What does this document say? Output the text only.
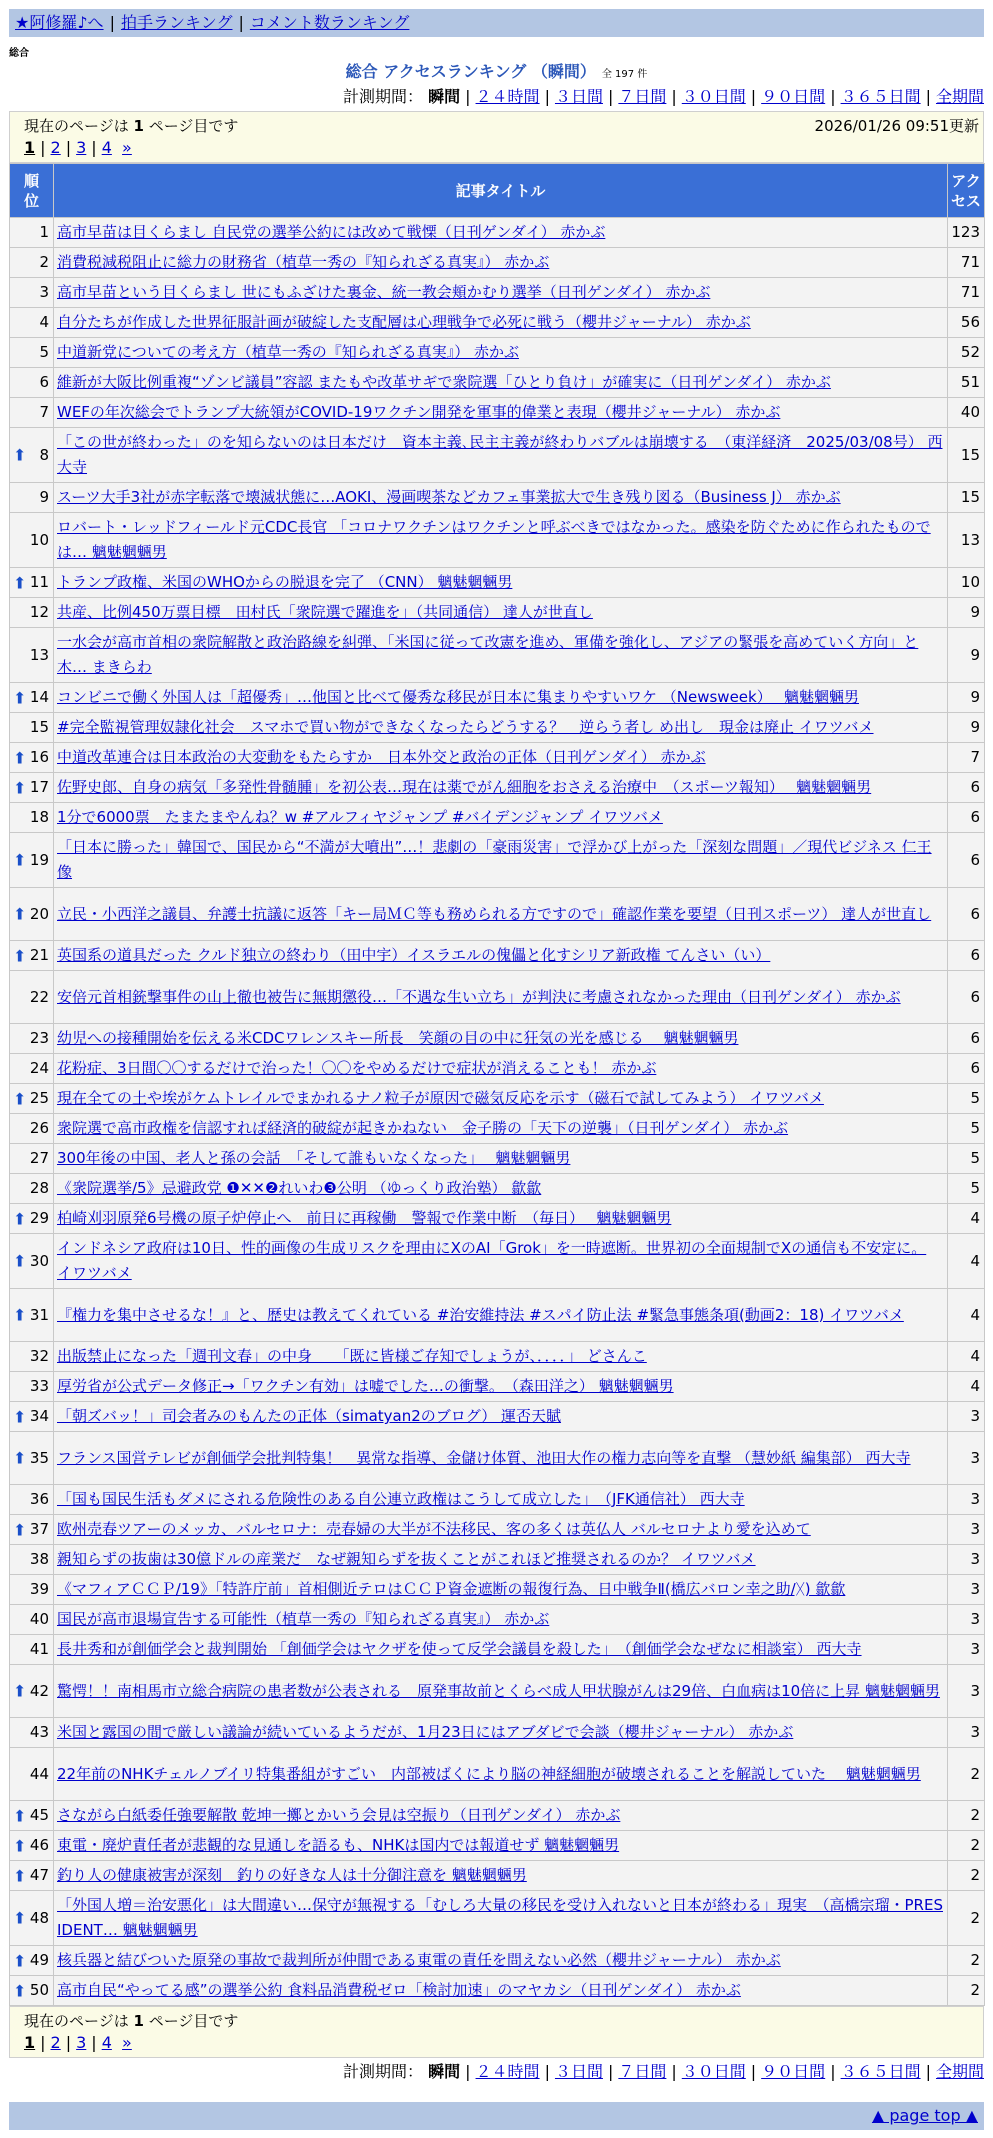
★阿修羅♪へ | 拍手ランキング | コメント数ランキング
総合
総合 アクセスランキング （瞬間） 全 197 件
計測期間： 瞬間 | ２４時間 | ３日間 | ７日間 | ３０日間 | ９０日間 | ３６５日間 | 全期間
現在のページは 1 ページ目です	2026/01/26 09:51更新
1 | 2 | 3 | 4 »
順
位	記事タイトル	アク
セス
1	高市早苗は目くらまし 自民党の選挙公約には改めて戦慄（日刊ゲンダイ） 赤かぶ	123
2	消費税減税阻止に総力の財務省（植草一秀の『知られざる真実』） 赤かぶ	71
3	高市早苗という目くらまし 世にもふざけた裏金、統一教会頬かむり選挙（日刊ゲンダイ） 赤かぶ	71
4	自分たちが作成した世界征服計画が破綻した支配層は心理戦争で必死に戦う（櫻井ジャーナル） 赤かぶ	56
5	中道新党についての考え方（植草一秀の『知られざる真実』） 赤かぶ	52
6	維新が大阪比例重複“ゾンビ議員”容認 またもや改革サギで衆院選「ひとり負け」が確実に（日刊ゲンダイ） 赤かぶ	51
7	WEFの年次総会でトランプ大統領がCOVID-19ワクチン開発を軍事的偉業と表現（櫻井ジャーナル） 赤かぶ	40

⬆ 8	「この世が終わった」のを知らないのは日本だけ　資本主義､民主主義が終わりバブルは崩壊する　（東洋経済　2025/03/08号） 西大寺	15
9	スーツ大手3社が赤字転落で壊滅状態に…AOKI、漫画喫茶などカフェ事業拡大で生き残り図る（Business J） 赤かぶ	15
10	ロバート・レッドフィールド元CDC長官 「コロナワクチンはワクチンと呼ぶべきではなかった。感染を防ぐために作られたものでは… 魑魅魍魎男	13

⬆ 11	トランプ政権、米国のWHOからの脱退を完了 （CNN） 魑魅魍魎男	10
12	共産、比例450万票目標　田村氏「衆院選で躍進を」（共同通信） 達人が世直し	9
13	一水会が高市首相の衆院解散と政治路線を糾弾、「米国に従って改憲を進め、軍備を強化し、アジアの緊張を高めていく方向」と木… まきらわ	9

⬆ 14	コンビニで働く外国人は「超優秀」…他国と比べて優秀な移民が日本に集まりやすいワケ （Newsweek）　 魑魅魍魎男	9
15	#完全監視管理奴隷化社会　スマホで買い物ができなくなったらどうする？　逆らう者し め出し　現金は廃止 イワツバメ	9

⬆ 16	中道改革連合は日本政治の大変動をもたらすか　日本外交と政治の正体（日刊ゲンダイ） 赤かぶ	7

⬆ 17	佐野史郎、自身の病気「多発性骨髄腫」を初公表…現在は薬でがん細胞をおさえる治療中　（スポーツ報知）　 魑魅魍魎男	6
18	1分で6000票　たまたまやんね？w #アルフィヤジャンプ #バイデンジャンプ イワツバメ	6

⬆ 19	「日本に勝った」韓国で、国民から“不満が大噴出”…！悲劇の「豪雨災害」で浮かび上がった「深刻な問題」／現代ビジネス 仁王像	6

⬆ 20	立民・小西洋之議員、弁護士抗議に返答「キー局ＭＣ等も務められる方ですので」確認作業を要望（日刊スポーツ） 達人が世直し	6

⬆ 21	英国系の道具だった クルド独立の終わり（田中宇）イスラエルの傀儡と化すシリア新政権 てんさい（い）	6
22	安倍元首相銃撃事件の山上徹也被告に無期懲役…「不遇な生い立ち」が判決に考慮されなかった理由（日刊ゲンダイ） 赤かぶ	6
23	幼児への接種開始を伝える米CDCワレンスキー所長　笑顔の目の中に狂気の光を感じる　 魑魅魍魎男	6
24	花粉症、3日間〇〇するだけで治った！〇〇をやめるだけで症状が消えることも！ 赤かぶ	6

⬆ 25	現在全ての土や埃がケムトレイルでまかれるナノ粒子が原因で磁気反応を示す（磁石で試してみよう） イワツバメ	5
26	衆院選で高市政権を信認すれば経済的破綻が起きかねない　金子勝の「天下の逆襲」（日刊ゲンダイ） 赤かぶ	5
27	300年後の中国、老人と孫の会話　「そして誰もいなくなった」　 魑魅魍魎男	5
28	《衆院選挙/5》忌避政党 ❶✕✕❷れいわ❸公明 （ゆっくり政治塾） 歙歙	5

⬆ 29	柏崎刈羽原発6号機の原子炉停止へ　前日に再稼働　警報で作業中断　（毎日）　 魑魅魍魎男	4

⬆ 30	インドネシア政府は10日、性的画像の生成リスクを理由にXのAI「Grok」を一時遮断。世界初の全面規制でXの通信も不安定に。 イワツバメ	4

⬆ 31	『権力を集中させるな！』と、歴史は教えてくれている #治安維持法 #スパイ防止法 #緊急事態条項(動画2：18) イワツバメ	4
32	出版禁止になった「週刊文春」の中身　　「既に皆様ご存知でしょうが、．．．．」 どさんこ	4
33	厚労省が公式データ修正→「ワクチン有効」は嘘でした…の衝撃。　（森田洋之） 魑魅魍魎男	4

⬆ 34	「朝ズバッ！」司会者みのもんたの正体（simatyan2のブログ） 運否天賦	3

⬆ 35	フランス国営テレビが創価学会批判特集！　異常な指導、金儲け体質、池田大作の権力志向等を直撃 （慧妙紙 編集部） 西大寺	3
36	「国も国民生活もダメにされる危険性のある自公連立政権はこうして成立した」　（JFK通信社） 西大寺	3

⬆ 37	欧州売春ツアーのメッカ、バルセロナ：売春婦の大半が不法移民、客の多くは英仏人 バルセロナより愛を込めて	3
38	親知らずの抜歯は30億ドルの産業だ　なぜ親知らずを抜くことがこれほど推奨されるのか？ イワツバメ	3
39	《マフィアＣＣＰ/19》「特許庁前」首相側近テロはＣＣＰ資金遮断の報復行為、日中戦争Ⅱ(橋広バロン幸之助/ᚷ) 歙歙	3
40	国民が高市退場宣告する可能性（植草一秀の『知られざる真実』） 赤かぶ	3
41	長井秀和が創価学会と裁判開始 「創価学会はヤクザを使って反学会議員を殺した」　（創価学会なぜなに相談室） 西大寺	3

⬆ 42	驚愕！！南相馬市立総合病院の患者数が公表される　原発事故前とくらべ成人甲状腺がんは29倍、白血病は10倍に上昇 魑魅魍魎男	3
43	米国と露国の間で厳しい議論が続いているようだが、1月23日にはアブダビで会談（櫻井ジャーナル） 赤かぶ	3
44	22年前のNHKチェルノブイリ特集番組がすごい　内部被ばくにより脳の神経細胞が破壊されることを解説していた　 魑魅魍魎男	2

⬆ 45	さながら白紙委任強要解散 乾坤一擲とかいう会見は空振り（日刊ゲンダイ） 赤かぶ	2

⬆ 46	東電・廃炉責任者が悲観的な見通しを語るも、NHKは国内では報道せず 魑魅魍魎男	2

⬆ 47	釣り人の健康被害が深刻　釣りの好きな人は十分御注意を 魑魅魍魎男	2

⬆ 48	「外国人増＝治安悪化」は大間違い…保守が無視する「むしろ大量の移民を受け入れないと日本が終わる」現実　（高橋宗瑠・PRESIDENT… 魑魅魍魎男	2

⬆ 49	核兵器と結びついた原発の事故で裁判所が仲間である東電の責任を問えない必然（櫻井ジャーナル） 赤かぶ	2

⬆ 50	高市自民“やってる感”の選挙公約 食料品消費税ゼロ「検討加速」のマヤカシ（日刊ゲンダイ） 赤かぶ	2
現在のページは 1 ページ目です
1 | 2 | 3 | 4 »
計測期間： 瞬間 | ２４時間 | ３日間 | ７日間 | ３０日間 | ９０日間 | ３６５日間 | 全期間
▲ page top ▲
